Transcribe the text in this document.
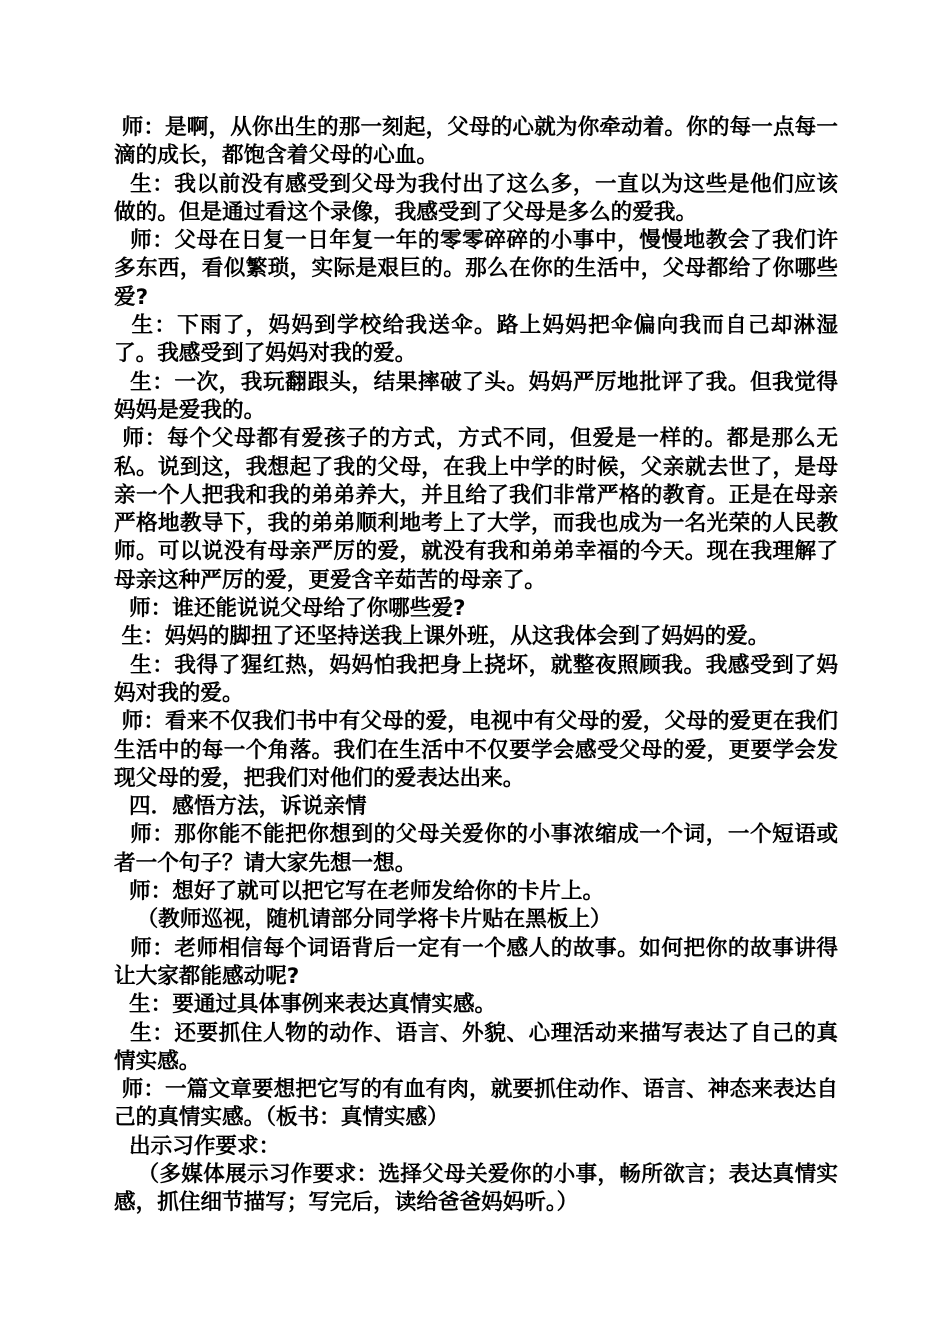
师：是啊，从你出生的那一刻起，父母的心就为你牵动着。你的每一点每一滴的成长，都饱含着父母的心血。

生：我以前没有感受到父母为我付出了这么多，一直以为这些是他们应该做的。但是通过看这个录像，我感受到了父母是多么的爱我。

师：父母在日复一日年复一年的零零碎碎的小事中，慢慢地教会了我们许多东西，看似繁琐，实际是艰巨的。那么在你的生活中，父母都给了你哪些爱?

生：下雨了，妈妈到学校给我送伞。路上妈妈把伞偏向我而自己却淋湿了。我感受到了妈妈对我的爱。

生：一次，我玩翻跟头，结果摔破了头。妈妈严厉地批评了我。但我觉得妈妈是爱我的。

师：每个父母都有爱孩子的方式，方式不同，但爱是一样的。都是那么无私。说到这，我想起了我的父母，在我上中学的时候，父亲就去世了，是母亲一个人把我和我的弟弟养大，并且给了我们非常严格的教育。正是在母亲严格地教导下，我的弟弟顺利地考上了大学，而我也成为一名光荣的人民教师。可以说没有母亲严厉的爱，就没有我和弟弟幸福的今天。现在我理解了母亲这种严厉的爱，更爱含辛茹苦的母亲了。

师：谁还能说说父母给了你哪些爱?

生：妈妈的脚扭了还坚持送我上课外班，从这我体会到了妈妈的爱。

生：我得了猩红热，妈妈怕我把身上挠坏，就整夜照顾我。我感受到了妈妈对我的爱。

师：看来不仅我们书中有父母的爱，电视中有父母的爱，父母的爱更在我们生活中的每一个角落。我们在生活中不仅要学会感受父母的爱，更要学会发现父母的爱，把我们对他们的爱表达出来。

四．感悟方法，诉说亲情

师：那你能不能把你想到的父母关爱你的小事浓缩成一个词，一个短语或者一个句子？请大家先想一想。

师：想好了就可以把它写在老师发给你的卡片上。

（教师巡视，随机请部分同学将卡片贴在黑板上）

师：老师相信每个词语背后一定有一个感人的故事。如何把你的故事讲得让大家都能感动呢?

生：要通过具体事例来表达真情实感。

生：还要抓住人物的动作、语言、外貌、心理活动来描写表达了自己的真情实感。

师：一篇文章要想把它写的有血有肉，就要抓住动作、语言、神态来表达自己的真情实感。（板书：真情实感）

出示习作要求：

（多媒体展示习作要求：选择父母关爱你的小事，畅所欲言；表达真情实感，抓住细节描写；写完后，读给爸爸妈妈听。）
